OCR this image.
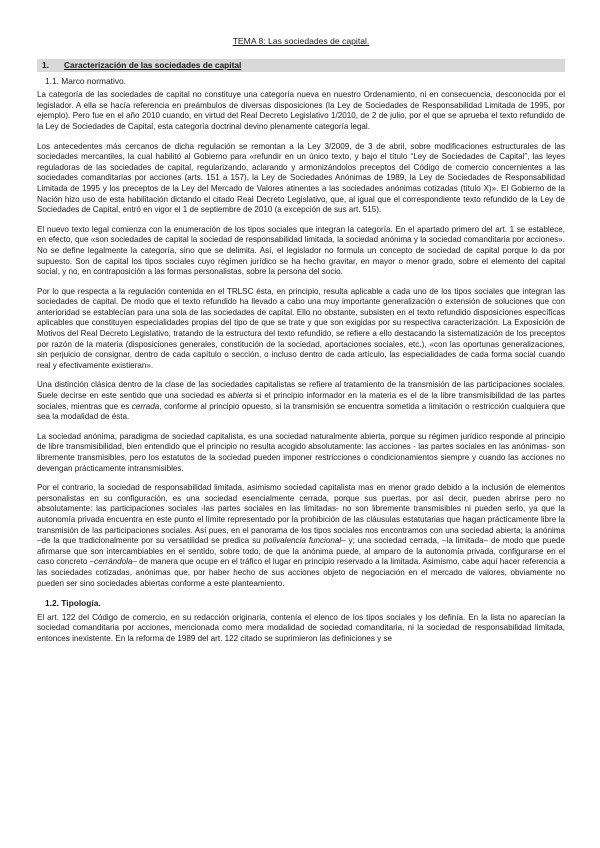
TEMA 8: Las sociedades de capital.
1.	Caracterización de las sociedades de capital
1.1. Marco normativo.

La categoría de las sociedades de capital no constituye una categoría nueva en nuestro Ordenamiento, ni en consecuencia, desconocida por el legislador. A ella se hacía referencia en preámbulos de diversas disposiciones (la Ley de Sociedades de Responsabilidad Limitada de 1995, por ejemplo). Pero fue en el año 2010 cuando, en virtud del Real Decreto Legislativo 1/2010, de 2 de julio, por el que se aprueba el texto refundido de la Ley de Sociedades de Capital, esta categoría doctrinal devino plenamente categoría legal.

Los antecedentes más cercanos de dicha regulación se remontan a la Ley 3/2009, de 3 de abril, sobre modificaciones estructurales de las sociedades mercantiles, la cual habilitó al Gobierno para «refundir en un único texto, y bajo el título “Ley de Sociedades de Capital”, las leyes reguladoras de las sociedades de capital, regularizando, aclarando y armonizándolos preceptos del Código de comercio concernientes a las sociedades comanditarias por acciones (arts. 151 a 157), la Ley de Sociedades Anónimas de 1989, la Ley de Sociedades de Responsabilidad Limitada de 1995 y los preceptos de la Ley del Mercado de Valores atinentes a las sociedades anónimas cotizadas (título X)». El Gobierno de la Nación hizo uso de esta habilitación dictando el citado Real Decreto Legislativo, que, al igual que el correspondiente texto refundido de la Ley de Sociedades de Capital, entró en vigor el 1 de septiembre de 2010 (a excepción de sus art. 515).

El nuevo texto legal comienza con la enumeración de los tipos sociales que integran la categoría. En el apartado primero del art. 1 se establece, en efecto, que «son sociedades de capital la sociedad de responsabilidad limitada, la sociedad anónima y la sociedad comanditaria por acciones». No se define legalmente la categoría, sino que se delimita. Así, el legislador no formula un concepto de sociedad de capital porque lo da por supuesto. Son de capital los tipos sociales cuyo régimen jurídico se ha hecho gravitar, en mayor o menor grado, sobre el elemento del capital social, y no, en contraposición a las formas personalistas, sobre la persona del socio.

Por lo que respecta a la regulación contenida en el TRLSC ésta, en principio, resulta aplicable a cada uno de los tipos sociales que integran las sociedades de capital. De modo que el texto refundido ha llevado a cabo una muy importante generalización o extensión de soluciones que con anterioridad se establecían para una sola de las sociedades de capital. Ello no obstante, subsisten en el texto refundido disposiciones específicas aplicables que constituyen especialidades propias del tipo de que se trate y que son exigidas por su respectiva caracterización. La Exposición de Motivos del Real Decreto Legislativo, tratando de la estructura del texto refundido, se refiere a ello destacando la sistematización de los preceptos por razón de la materia (disposiciones generales, constitución de la sociedad, aportaciones sociales, etc.), «con las oportunas generalizaciones, sin perjuicio de consignar, dentro de cada capítulo o sección, o incluso dentro de cada artículo, las especialidades de cada forma social cuando real y efectivamente existieran».

Una distinción clásica dentro de la clase de las sociedades capitalistas se refiere al tratamiento de la transmisión de las participaciones sociales. Suele decirse en este sentido que una sociedad es abierta si el principio informador en la materia es el de la libre transmisibilidad de las partes sociales, mientras que es cerrada, conforme al principio opuesto, si la transmisión se encuentra sometida a limitación o restricción cualquiera que sea la modalidad de ésta.

La sociedad anónima, paradigma de sociedad capitalista, es una sociedad naturalmente abierta, porque su régimen jurídico responde al principio de libre transmisibilidad, bien entendido que el principio no resulta acogido absolutamente: las acciones - las partes sociales en las anónimas- son libremente transmisibles, pero los estatutos de la sociedad pueden imponer restricciones o condicionamientos siempre y cuando las acciones no devengan prácticamente intransmisibles.

Por el contrario, la sociedad de responsabilidad limitada, asimismo sociedad capitalista mas en menor grado debido a la inclusión de elementos personalistas en su configuración, es una sociedad esencialmente cerrada, porque sus puertas, por así decir, pueden abrirse pero no absolutamente: las participaciones sociales -las partes sociales en las limitadas- no son libremente transmisibles ni pueden serlo, ya que la autonomía privada encuentra en este punto el límite representado por la prohibición de las cláusulas estatutarias que hagan prácticamente libre la transmisión de las participaciones sociales. Así pues, en el panorama de los tipos sociales nos encontramos con una sociedad abierta; la anónima –de la que tradicionalmente por su versatilidad se predica su polivalencia funcional– y; una sociedad cerrada, –la limitada– de modo que puede afirmarse que son intercambiables en el sentido, sobre todo, de que la anónima puede, al amparo de la autonomía privada, configurarse en el caso concreto –cerrándola– de manera que ocupe en el tráfico el lugar en principio reservado a la limitada. Asimismo, cabe aquí hacer referencia a las sociedades cotizadas, anónimas que, por haber hecho de sus acciones objeto de negociación en el mercado de valores, obviamente no pueden ser sino sociedades abiertas conforme a este planteamiento.

1.2. Tipología.

El art. 122 del Código de comercio, en su redacción originaria, contenía el elenco de los tipos sociales y los definía. En la lista no aparecían la sociedad comanditaria por acciones, mencionada como mera modalidad de sociedad comanditaria, ni la sociedad de responsabilidad limitada, entonces inexistente. En la reforma de 1989 del art. 122 citado se suprimieron las definiciones y se
